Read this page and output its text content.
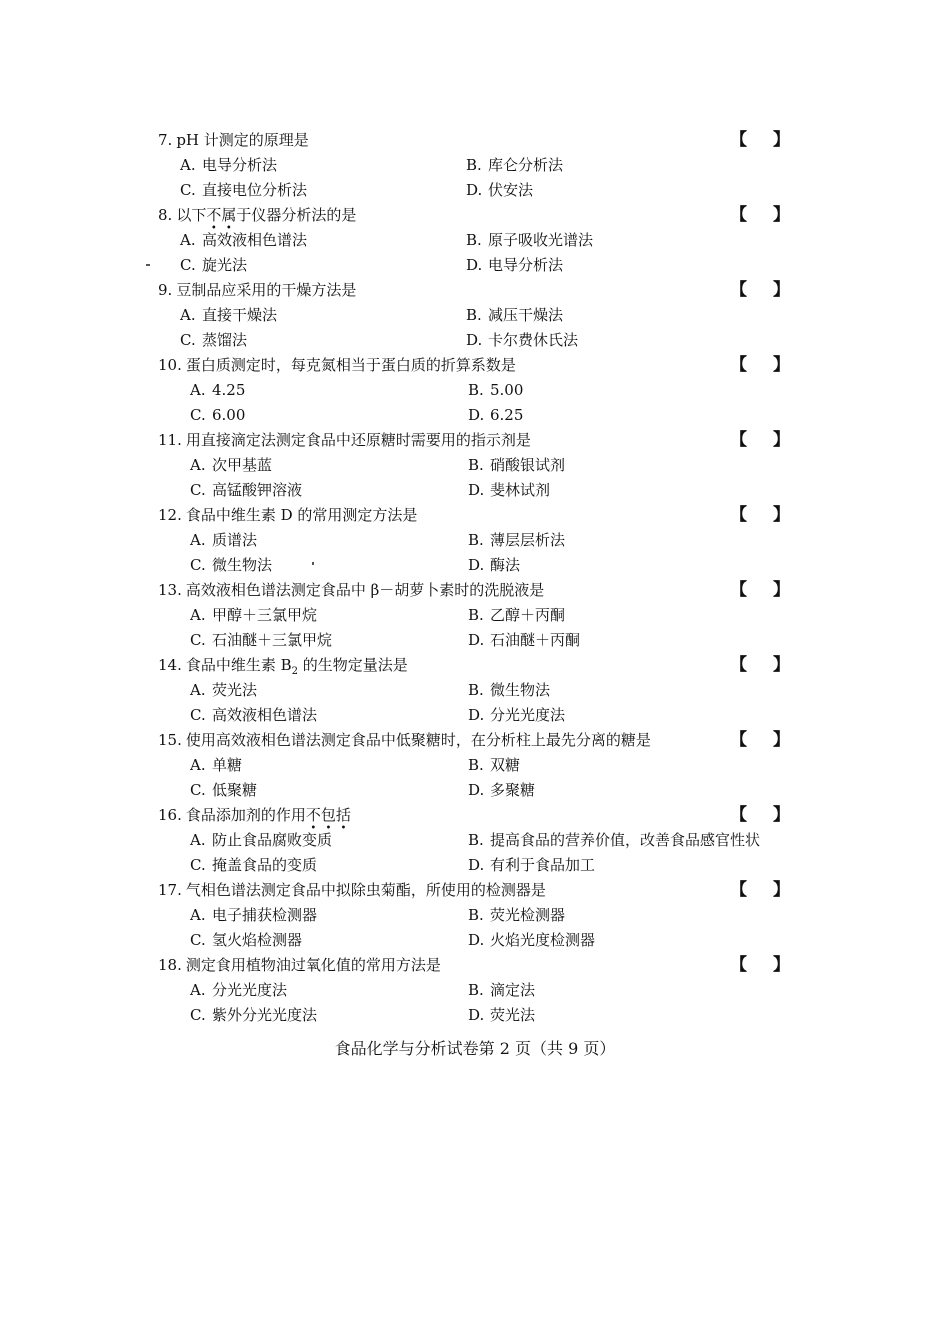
7. pH 计测定的原理是	【 】
A. 电导分析法	B. 库仑分析法
C. 直接电位分析法	D. 伏安法
8. 以下不属于仪器分析法的是	【 】
A. 高效液相色谱法	B. 原子吸收光谱法
C. 旋光法	D. 电导分析法
9. 豆制品应采用的干燥方法是	【 】
A. 直接干燥法	B. 减压干燥法
C. 蒸馏法	D. 卡尔费休氏法
10. 蛋白质测定时，每克氮相当于蛋白质的折算系数是	【 】
A. 4.25	B. 5.00
C. 6.00	D. 6.25
11. 用直接滴定法测定食品中还原糖时需要用的指示剂是	【 】
A. 次甲基蓝	B. 硝酸银试剂
C. 高锰酸钾溶液	D. 斐林试剂
12. 食品中维生素 D 的常用测定方法是	【 】
A. 质谱法	B. 薄层层析法
C. 微生物法	D. 酶法
13. 高效液相色谱法测定食品中 β－胡萝卜素时的洗脱液是	【 】
A. 甲醇＋三氯甲烷	B. 乙醇＋丙酮
C. 石油醚＋三氯甲烷	D. 石油醚＋丙酮
14. 食品中维生素 $B_2$ 的生物定量法是	【 】
A. 荧光法	B. 微生物法
C. 高效液相色谱法	D. 分光光度法
15. 使用高效液相色谱法测定食品中低聚糖时，在分析柱上最先分离的糖是	【 】
A. 单糖	B. 双糖
C. 低聚糖	D. 多聚糖
16. 食品添加剂的作用不包括	【 】
A. 防止食品腐败变质	B. 提高食品的营养价值，改善食品感官性状
C. 掩盖食品的变质	D. 有利于食品加工
17. 气相色谱法测定食品中拟除虫菊酯，所使用的检测器是	【 】
A. 电子捕获检测器	B. 荧光检测器
C. 氢火焰检测器	D. 火焰光度检测器
18. 测定食用植物油过氧化值的常用方法是	【 】
A. 分光光度法	B. 滴定法
C. 紫外分光光度法	D. 荧光法
食品化学与分析试卷第 2 页（共 9 页）
